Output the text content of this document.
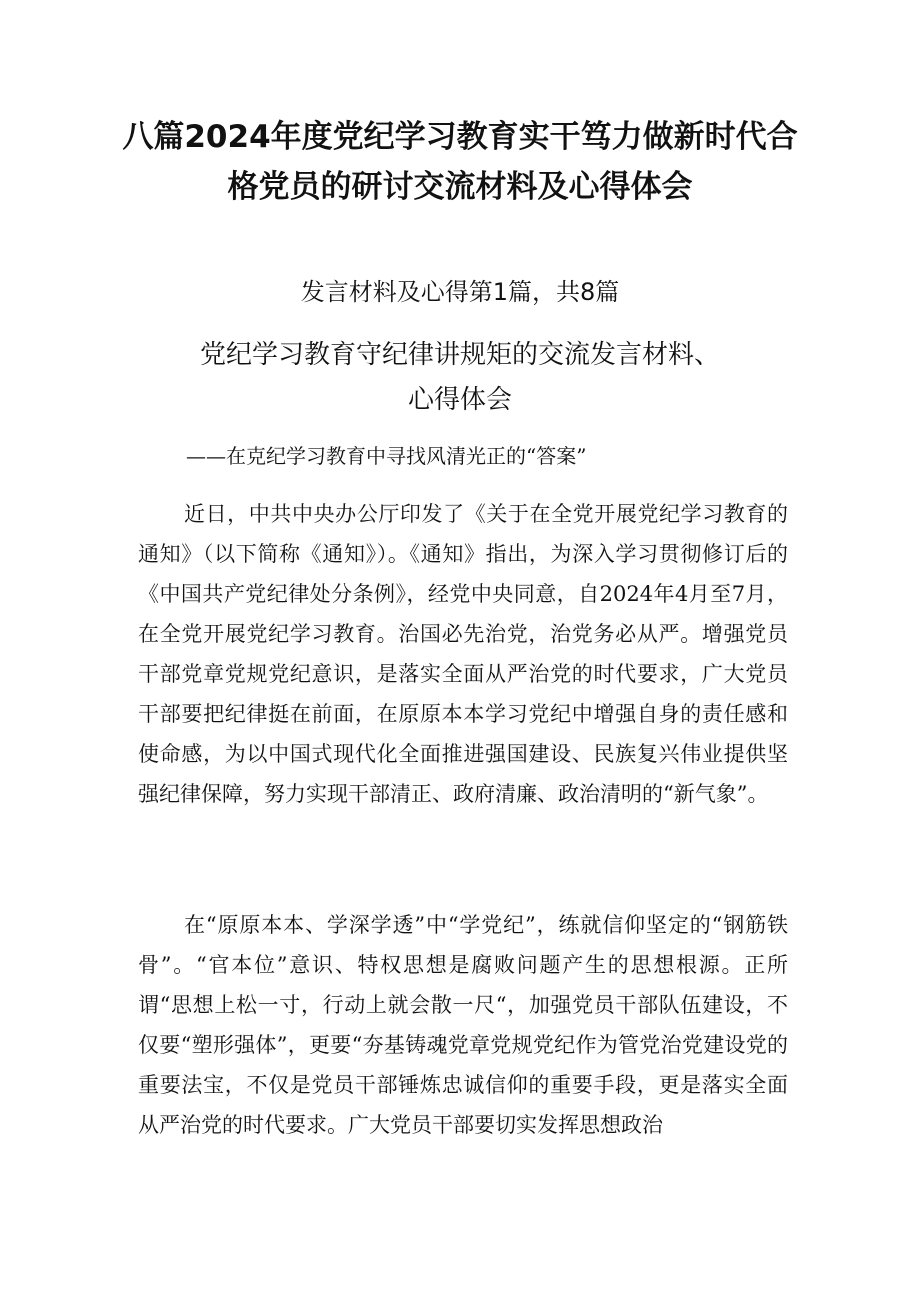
八篇2024年度党纪学习教育实干笃力做新时代合
格党员的研讨交流材料及心得体会
发言材料及心得第1篇，共8篇
党纪学习教育守纪律讲规矩的交流发言材料、
心得体会
——在克纪学习教育中寻找风清光正的“答案”
近日，中共中央办公厅印发了《关于在全党开展党纪学习教育的通知》（以下简称《通知》）。《通知》指出，为深入学习贯彻修订后的《中国共产党纪律处分条例》，经党中央同意，自2024年4月至7月，在全党开展党纪学习教育。治国必先治党，治党务必从严。增强党员干部党章党规党纪意识，是落实全面从严治党的时代要求，广大党员干部要把纪律挺在前面，在原原本本学习党纪中增强自身的责任感和使命感，为以中国式现代化全面推进强国建设、民族复兴伟业提供坚强纪律保障，努力实现干部清正、政府清廉、政治清明的“新气象”。
在“原原本本、学深学透”中“学党纪”，练就信仰坚定的“钢筋铁骨”。“官本位”意识、特权思想是腐败问题产生的思想根源。正所谓“思想上松一寸，行动上就会散一尺“，加强党员干部队伍建设，不仅要“塑形强体”，更要“夯基铸魂党章党规党纪作为管党治党建设党的重要法宝，不仅是党员干部锤炼忠诚信仰的重要手段，更是落实全面从严治党的时代要求。广大党员干部要切实发挥思想政治
